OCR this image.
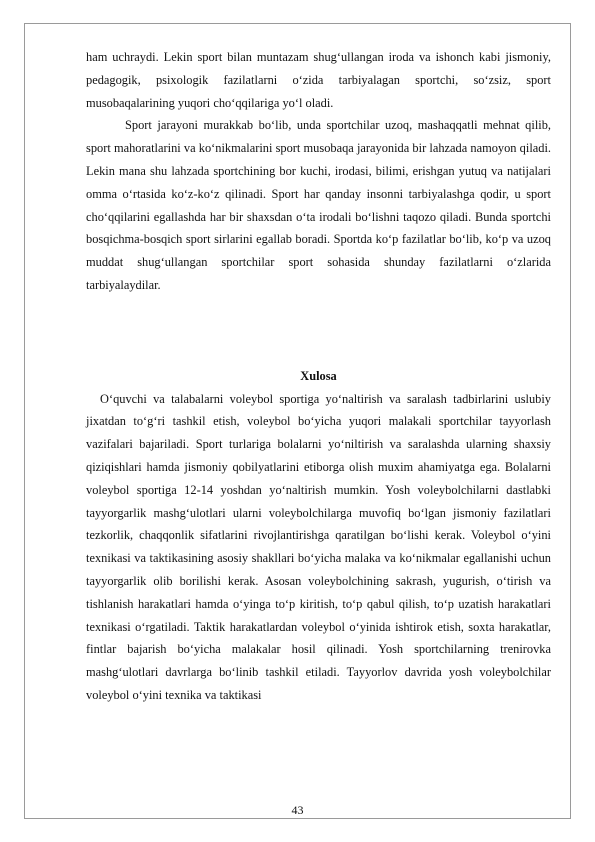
ham uchraydi. Lekin sport bilan muntazam shug‘ullangan iroda va ishonch kabi jismoniy, pedagogik, psixologik fazilatlarni o‘zida tarbiyalagan sportchi, so‘zsiz, sport musobaqalarining yuqori cho‘qqilariga yo‘l oladi.

Sport jarayoni murakkab bo‘lib, unda sportchilar uzoq, mashaqqatli mehnat qilib, sport mahoratlarini va ko‘nikmalarini sport musobaqa jarayonida bir lahzada namoyon qiladi. Lekin mana shu lahzada sportchining bor kuchi, irodasi, bilimi, erishgan yutuq va natijalari omma o‘rtasida ko‘z-ko‘z qilinadi. Sport har qanday insonni tarbiyalashga qodir, u sport cho‘qqilarini egallashda har bir shaxsdan o‘ta irodali bo‘lishni taqozo qiladi. Bunda sportchi bosqichma-bosqich sport sirlarini egallab boradi. Sportda ko‘p fazilatlar bo‘lib, ko‘p va uzoq muddat shug‘ullangan sportchilar sport sohasida shunday fazilatlarni o‘zlarida tarbiyalaydilar.

Xulosa

O‘quvchi va talabalarni voleybol sportiga yo‘naltirish va saralash tadbirlarini uslubiy jixatdan to‘g‘ri tashkil etish, voleybol bo‘yicha yuqori malakali sportchilar tayyorlash vazifalari bajariladi. Sport turlariga bolalarni yo‘niltirish va saralashda ularning shaxsiy qiziqishlari hamda jismoniy qobilyatlarini etiborga olish muxim ahamiyatga ega. Bolalarni voleybol sportiga 12-14 yoshdan yo‘naltirish mumkin. Yosh voleybolchilarni dastlabki tayyorgarlik mashg‘ulotlari ularni voleybolchilarga muvofiq bo‘lgan jismoniy fazilatlari tezkorlik, chaqqonlik sifatlarini rivojlantirishga qaratilgan bo‘lishi kerak. Voleybol o‘yini texnikasi va taktikasining asosiy shakllari bo‘yicha malaka va ko‘nikmalar egallanishi uchun tayyorgarlik olib borilishi kerak. Asosan voleybolchining sakrash, yugurish, o‘tirish va tishlanish harakatlari hamda o‘yinga to‘p kiritish, to‘p qabul qilish, to‘p uzatish harakatlari texnikasi o‘rgatiladi. Taktik harakatlardan voleybol o‘yinida ishtirok etish, soxta harakatlar, fintlar bajarish bo‘yicha malakalar hosil qilinadi. Yosh sportchilarning trenirovka mashg‘ulotlari davrlarga bo‘linib tashkil etiladi. Tayyorlov davrida yosh voleybolchilar voleybol o‘yini texnika va taktikasi

43
